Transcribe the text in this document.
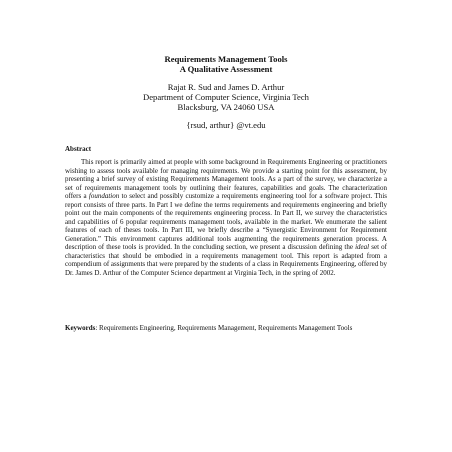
Requirements Management Tools
A Qualitative Assessment
Rajat R. Sud and James D. Arthur
Department of Computer Science, Virginia Tech
Blacksburg, VA 24060 USA
{rsud, arthur} @vt.edu
Abstract

This report is primarily aimed at people with some background in Requirements Engineering or practitioners wishing to assess tools available for managing requirements. We provide a starting point for this assessment, by presenting a brief survey of existing Requirements Management tools. As a part of the survey, we characterize a set of requirements management tools by outlining their features, capabilities and goals. The characterization offers a foundation to select and possibly customize a requirements engineering tool for a software project. This report consists of three parts. In Part I we define the terms requirements and requirements engineering and briefly point out the main components of the requirements engineering process. In Part II, we survey the characteristics and capabilities of 6 popular requirements management tools, available in the market. We enumerate the salient features of each of theses tools. In Part III, we briefly describe a “Synergistic Environment for Requirement Generation.” This environment captures additional tools augmenting the requirements generation process. A description of these tools is provided. In the concluding section, we present a discussion defining the ideal set of characteristics that should be embodied in a requirements management tool. This report is adapted from a compendium of assignments that were prepared by the students of a class in Requirements Engineering, offered by Dr. James D. Arthur of the Computer Science department at Virginia Tech, in the spring of 2002.

Keywords: Requirements Engineering, Requirements Management, Requirements Management Tools
